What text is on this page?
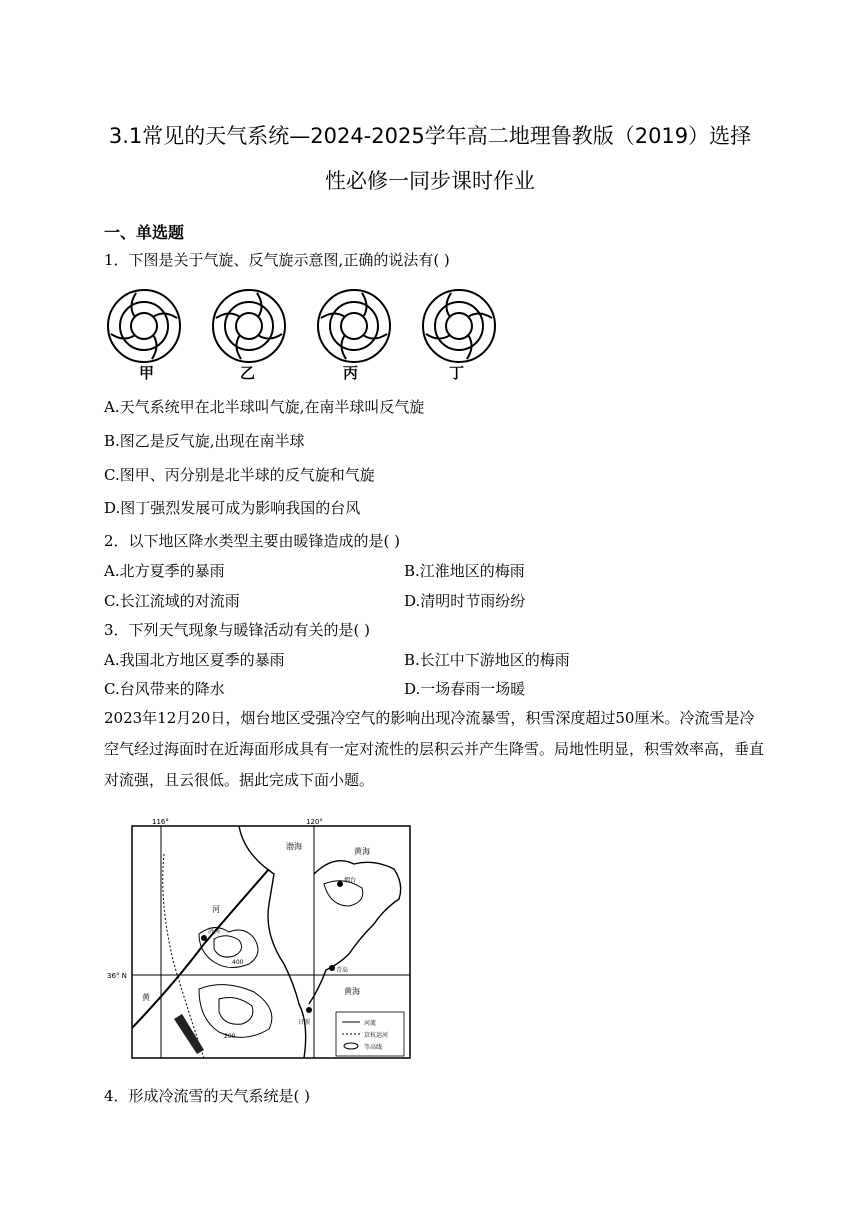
3.1常见的天气系统—2024-2025学年高二地理鲁教版（2019）选择
性必修一同步课时作业
一、单选题
1．下图是关于气旋、反气旋示意图,正确的说法有( )
甲	乙	丙	丁
A.天气系统甲在北半球叫气旋,在南半球叫反气旋
B.图乙是反气旋,出现在南半球
C.图甲、丙分别是北半球的反气旋和气旋
D.图丁强烈发展可成为影响我国的台风
2．以下地区降水类型主要由暖锋造成的是( )
A.北方夏季的暴雨	B.江淮地区的梅雨
C.长江流域的对流雨	D.清明时节雨纷纷
3．下列天气现象与暖锋活动有关的是( )
A.我国北方地区夏季的暴雨	B.长江中下游地区的梅雨
C.台风带来的降水	D.一场春雨一场暖
2023年12月20日，烟台地区受强冷空气的影响出现冷流暴雪，积雪深度超过50厘米。冷流雪是冷空气经过海面时在近海面形成具有一定对流性的层积云并产生降雪。局地性明显，积雪效率高，垂直对流强，且云很低。据此完成下面小题。
116°	120°
36° N
渤海
黄海
黄海
河
济南
烟台
青岛
日照
400
200
黄
河流
京杭运河
等高线
4．形成冷流雪的天气系统是( )
